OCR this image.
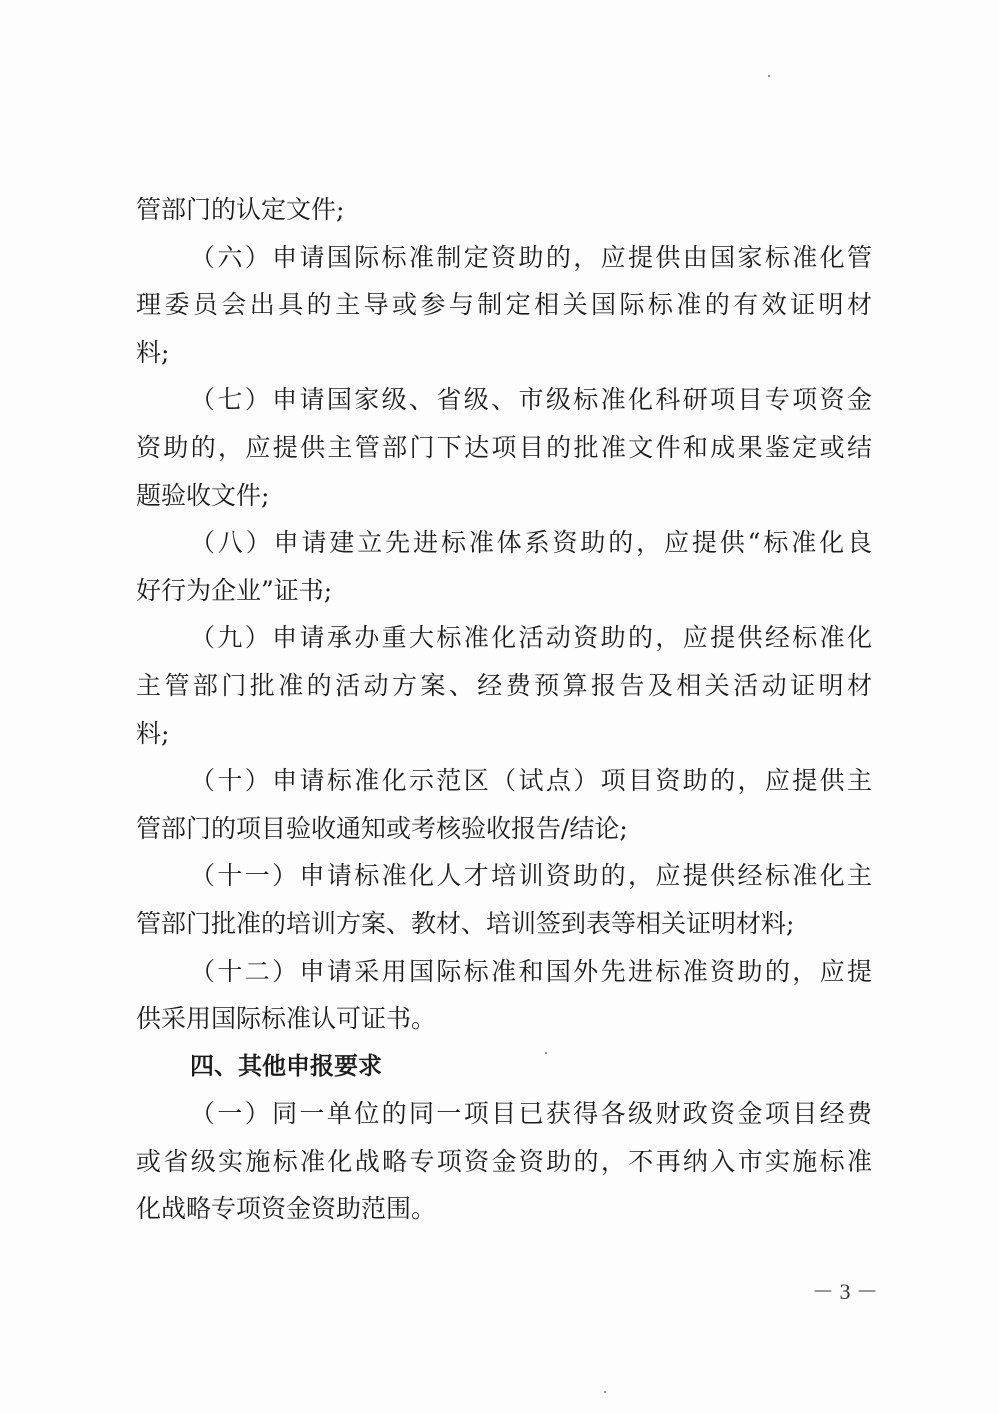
管部门的认定文件;
（六）申请国际标准制定资助的，应提供由国家标准化管
理委员会出具的主导或参与制定相关国际标准的有效证明材
料;
（七）申请国家级、省级、市级标准化科研项目专项资金
资助的，应提供主管部门下达项目的批准文件和成果鉴定或结
题验收文件;
（八）申请建立先进标准体系资助的，应提供“标准化良
好行为企业”证书;
（九）申请承办重大标准化活动资助的，应提供经标准化
主管部门批准的活动方案、经费预算报告及相关活动证明材
料;
（十）申请标准化示范区（试点）项目资助的，应提供主
管部门的项目验收通知或考核验收报告/结论;
（十一）申请标准化人才培训资助的，应提供经标准化主
管部门批准的培训方案、教材、培训签到表等相关证明材料;
（十二）申请采用国际标准和国外先进标准资助的，应提
供采用国际标准认可证书。
四、其他申报要求
（一）同一单位的同一项目已获得各级财政资金项目经费
或省级实施标准化战略专项资金资助的，不再纳入市实施标准
化战略专项资金资助范围。
－ 3 －
